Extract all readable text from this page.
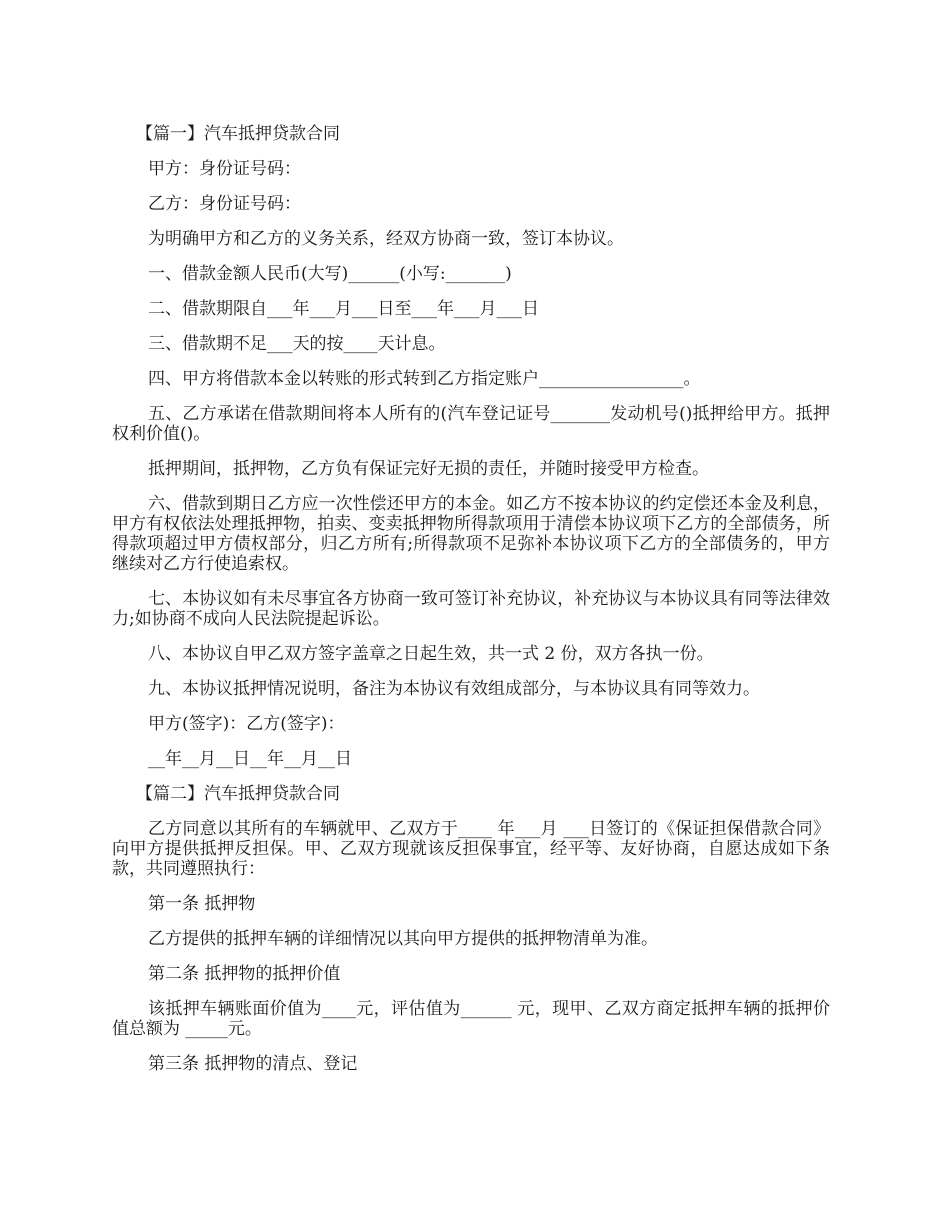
【篇一】汽车抵押贷款合同

甲方：身份证号码：

乙方：身份证号码：

为明确甲方和乙方的义务关系，经双方协商一致，签订本协议。

一、借款金额人民币(大写)______(小写:_______)

二、借款期限自___年___月___日至___年___月___日

三、借款期不足___天的按____天计息。

四、甲方将借款本金以转账的形式转到乙方指定账户_________________。

五、乙方承诺在借款期间将本人所有的(汽车登记证号_______发动机号()抵押给甲方。抵押权利价值()。

抵押期间，抵押物，乙方负有保证完好无损的责任，并随时接受甲方检查。

六、借款到期日乙方应一次性偿还甲方的本金。如乙方不按本协议的约定偿还本金及利息，甲方有权依法处理抵押物，拍卖、变卖抵押物所得款项用于清偿本协议项下乙方的全部债务，所得款项超过甲方债权部分，归乙方所有;所得款项不足弥补本协议项下乙方的全部债务的，甲方继续对乙方行使追索权。

七、本协议如有未尽事宜各方协商一致可签订补充协议，补充协议与本协议具有同等法律效力;如协商不成向人民法院提起诉讼。

八、本协议自甲乙双方签字盖章之日起生效，共一式 2 份，双方各执一份。

九、本协议抵押情况说明，备注为本协议有效组成部分，与本协议具有同等效力。

甲方(签字)：乙方(签字)：

__年__月__日__年__月__日

【篇二】汽车抵押贷款合同

乙方同意以其所有的车辆就甲、乙双方于____ 年___月 ___日签订的《保证担保借款合同》向甲方提供抵押反担保。甲、乙双方现就该反担保事宜，经平等、友好协商，自愿达成如下条款，共同遵照执行：

第一条 抵押物

乙方提供的抵押车辆的详细情况以其向甲方提供的抵押物清单为准。

第二条 抵押物的抵押价值

该抵押车辆账面价值为____元，评估值为______ 元，现甲、乙双方商定抵押车辆的抵押价值总额为 _____元。

第三条 抵押物的清点、登记
